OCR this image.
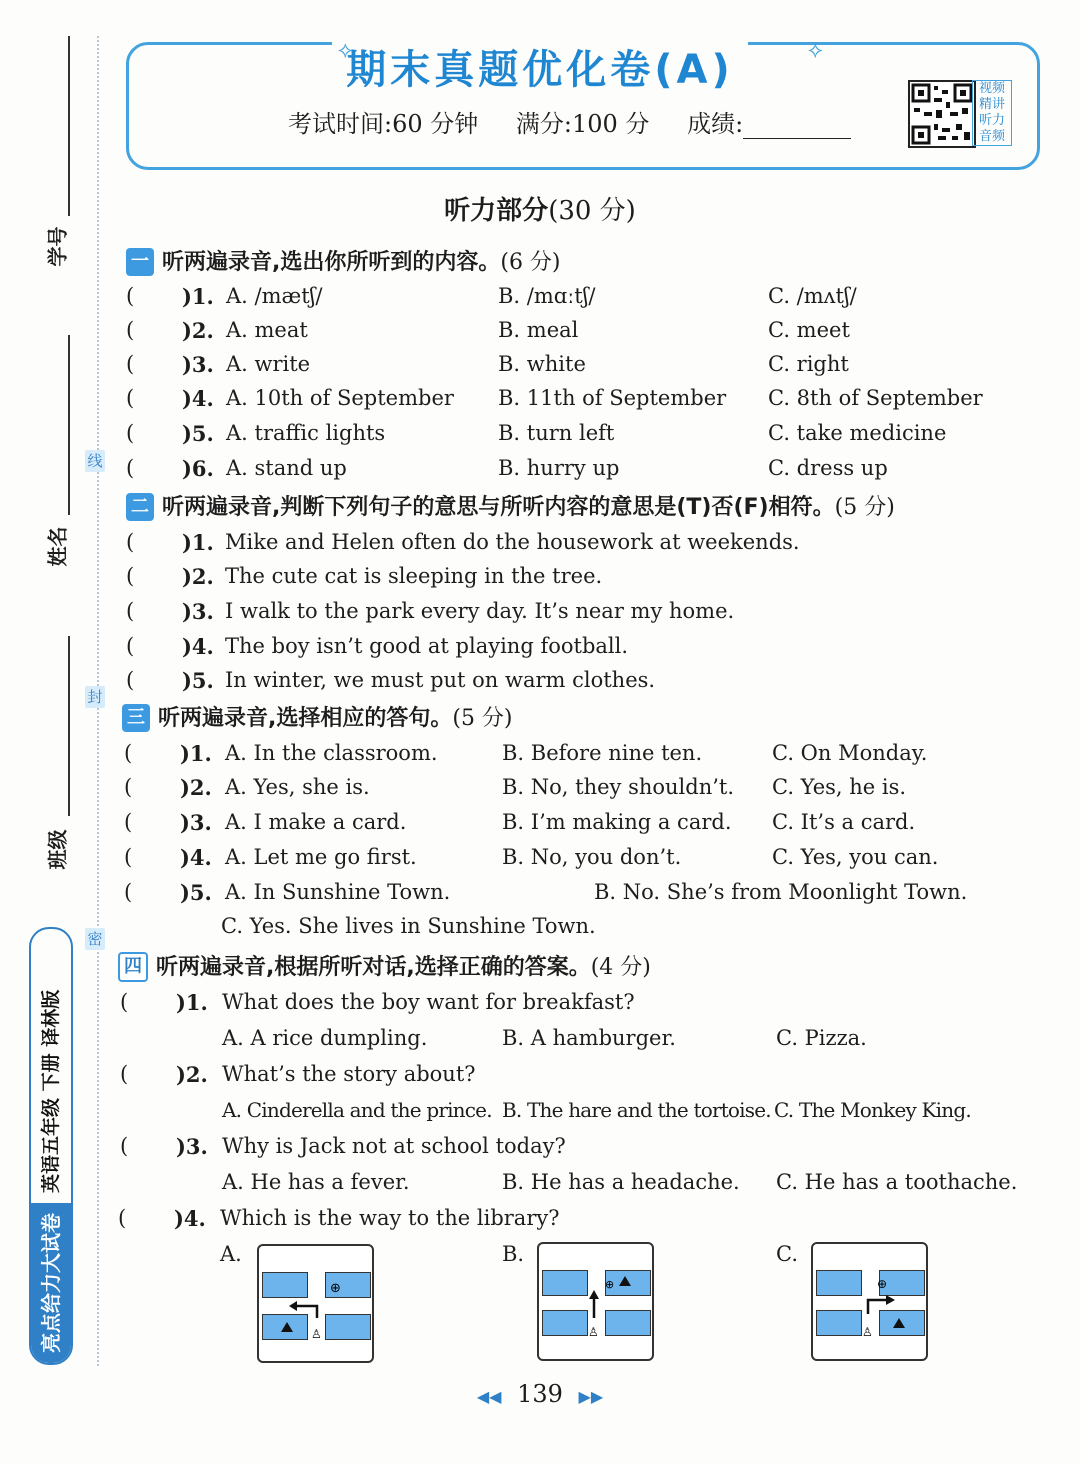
学号
姓名
班级
线
封
密
亮点给力大试卷
英语五年级 下册 译林版
期末真题优化卷(A)
⟡	⟡
考试时间:60 分钟 满分:100 分 成绩:
视频精讲听力音频
听力部分(30 分)
一 听两遍录音,选出你所听到的内容。(6 分)
( )1. A. /mætʃ/	B. /mɑːtʃ/	C. /mʌtʃ/
( )2. A. meat	B. meal	C. meet
( )3. A. write	B. white	C. right
( )4. A. 10th of September B. 11th of September C. 8th of September
( )5. A. traffic lights	B. turn left	C. take medicine
( )6. A. stand up	B. hurry up	C. dress up
二 听两遍录音,判断下列句子的意思与所听内容的意思是(T)否(F)相符。(5 分)
( )1. Mike and Helen often do the housework at weekends.
( )2. The cute cat is sleeping in the tree.
( )3. I walk to the park every day. It’s near my home.
( )4. The boy isn’t good at playing football.
( )5. In winter, we must put on warm clothes.
三 听两遍录音,选择相应的答句。(5 分)
( )1. A. In the classroom.	B. Before nine ten.	C. On Monday.
( )2. A. Yes, she is.	B. No, they shouldn’t. C. Yes, he is.
( )3. A. I make a card.	B. I’m making a card. C. It’s a card.
( )4. A. Let me go first.	B. No, you don’t.	C. Yes, you can.
( )5. A. In Sunshine Town.	B. No. She’s from Moonlight Town.
C. Yes. She lives in Sunshine Town.
四 听两遍录音,根据所听对话,选择正确的答案。(4 分)
( )1. What does the boy want for breakfast?
A. A rice dumpling.	B. A hamburger.	C. Pizza.
( )2. What’s the story about?
A. Cinderella and the prince. B. The hare and the tortoise. C. The Monkey King.
( )3. Why is Jack not at school today?
A. He has a fever.	B. He has a headache. C. He has a toothache.
( )4. Which is the way to the library?
A.	B.	C.
⊕
♙
⊕
♙
⊕
♙
◀◀ 139 ▶▶
